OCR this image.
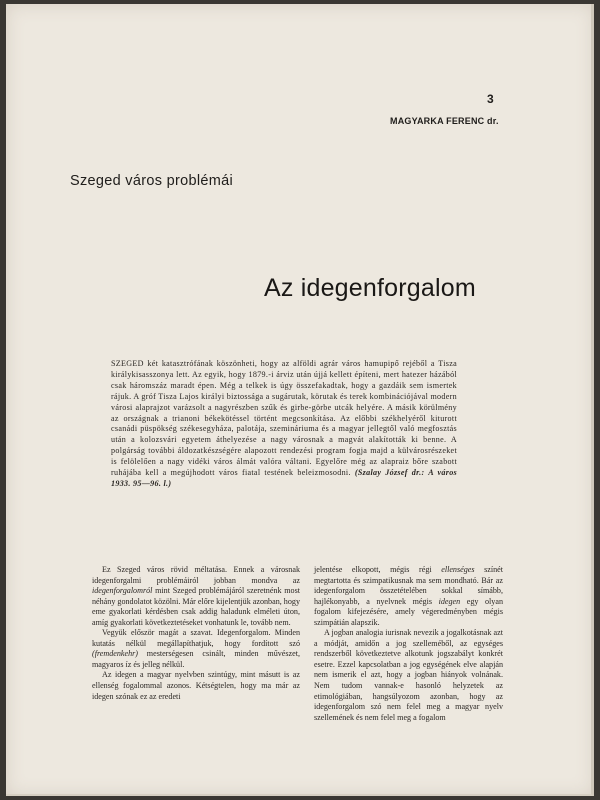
3
MAGYARKA FERENC dr.
Szeged város problémái
Az idegenforgalom

SZEGED két katasztrófának köszönheti, hogy az alföldi agrár város hamupipő rejéből a Tisza királykisasszonya lett. Az egyik, hogy 1879.-i árviz után újjá kellett építeni, mert hatezer házából csak háromszáz maradt épen. Még a telkek is úgy összefakadtak, hogy a gazdáik sem ismertek rájuk. A gróf Tisza Lajos királyi biztossága a sugárutak, körutak és terek kombinációjával modern városi alaprajzot varázsolt a nagyrészben szűk és girbe-görbe utcák helyére. A másik körülmény az országnak a trianoni békekötéssel történt megcsonkítása. Az előbbi székhelyéről kiturott csanádi püspökség székesegyháza, palotája, szemináriuma és a magyar jellegtől való megfosztás után a kolozsvári egyetem áthelyezése a nagy városnak a magvát alakították ki benne. A polgárság további áldozatkészségére alapozott rendezési program fogja majd a külvárosrészeket is felölelően a nagy vidéki város álmát valóra váltani. Egyelőre még az alapraiz bőre szabott ruhájába kell a megújhodott város fiatal testének beleizmosodni. (Szalay József dr.: A város 1933. 95—96. l.)

Ez Szeged város rövid méltatása. Ennek a városnak idegenforgalmi problémáiról jobban mondva az idegenforgalomról mint Szeged problémájáról szeretnénk most néhány gondolatot közölni. Már előre kijelentjük azonban, hogy eme gyakorlati kérdésben csak addig haladunk elméleti úton, amíg gyakorlati következtetéseket vonhatunk le, tovább nem.

Vegyük először magát a szavat. Idegenforgalom. Minden kutatás nélkül megállapíthatjuk, hogy fordított szó (fremdenkehr) mesterségesen csinált, minden művészet, magyaros íz és jelleg nélkül.

Az idegen a magyar nyelvben szintúgy, mint másutt is az ellenség fogalommal azonos. Kétségtelen, hogy ma már az idegen szónak ez az eredeti

jelentése elkopott, mégis régi ellenséges színét megtartotta és szimpatikusnak ma sem mondható. Bár az idegenforgalom összetételében sokkal símább, hajlékonyabb, a nyelvnek mégis idegen egy olyan fogalom kifejezésére, amely végeredményben mégis szimpátián alapszik.

A jogban analogia iurisnak nevezik a jogalkotásnak azt a módját, amidőn a jog szelleméből, az egységes rendszerből következtetve alkotunk jogszabályt konkrét esetre. Ezzel kapcsolatban a jog egységének elve alapján nem ismerik el azt, hogy a jogban hiányok volnának. Nem tudom vannak-e hasonló helyzetek az etimológiában, hangsúlyozom azonban, hogy az idegenforgalom szó nem felel meg a magyar nyelv szellemének és nem felel meg a fogalom
